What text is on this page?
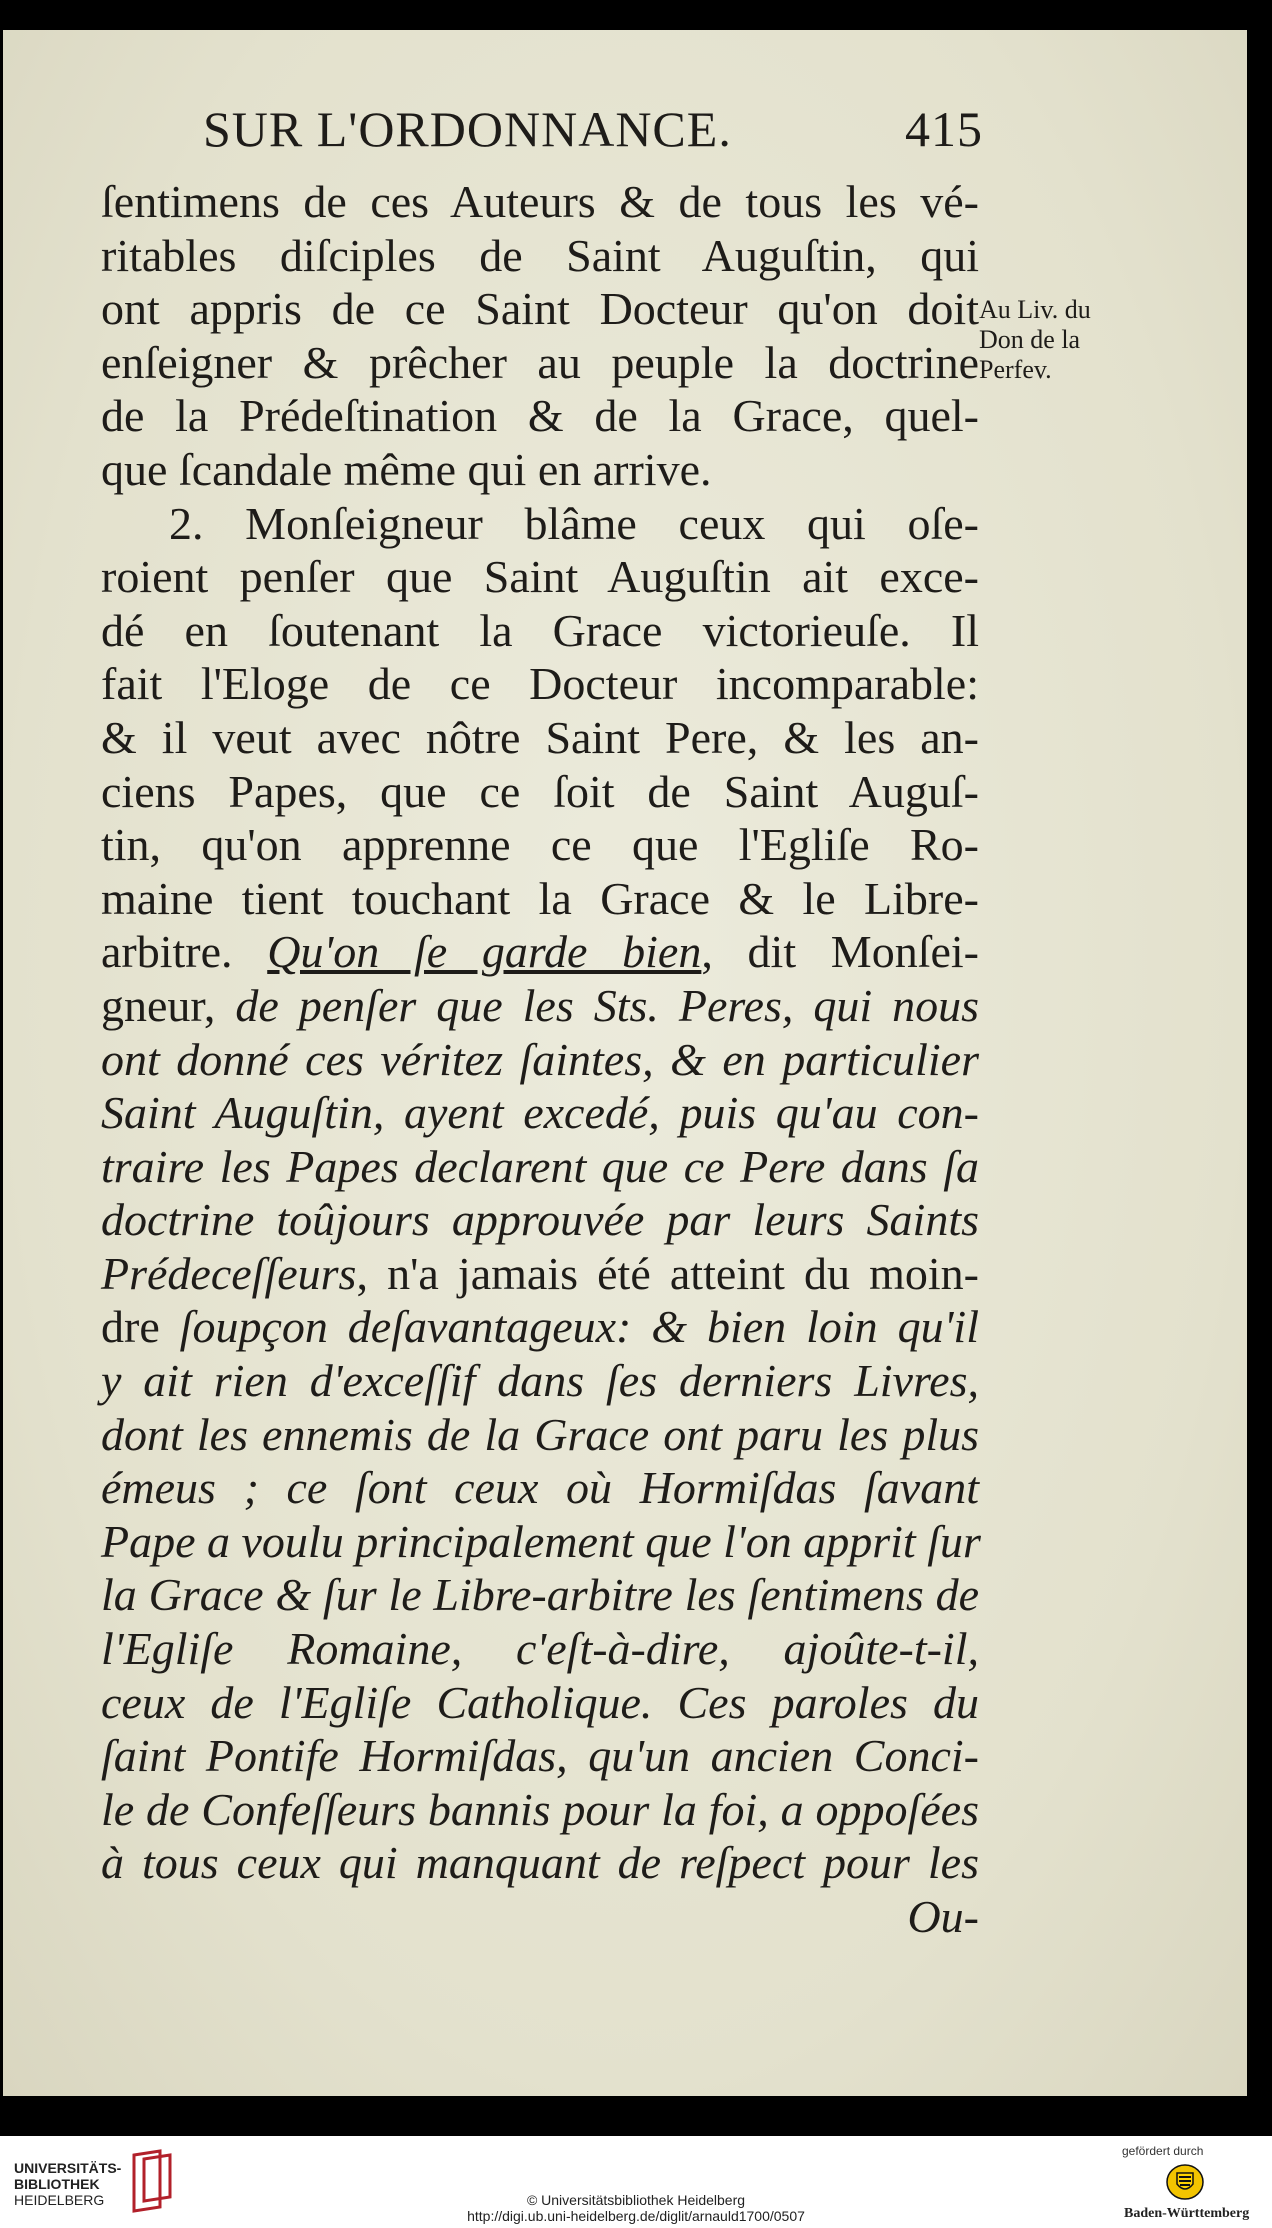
SUR L'ORDONNANCE.	415
Au Liv. du
Don de la
Perfev.
ſentimens de ces Auteurs & de tous les vé-
ritables diſciples de Saint Auguſtin, qui
ont appris de ce Saint Docteur qu'on doit
enſeigner & prêcher au peuple la doctrine
de la Prédeſtination & de la Grace, quel-
que ſcandale même qui en arrive.
2. Monſeigneur blâme ceux qui oſe-
roient penſer que Saint Auguſtin ait exce-
dé en ſoutenant la Grace victorieuſe. Il
fait l'Eloge de ce Docteur incomparable:
& il veut avec nôtre Saint Pere, & les an-
ciens Papes, que ce ſoit de Saint Auguſ-
tin, qu'on apprenne ce que l'Egliſe Ro-
maine tient touchant la Grace & le Libre-
arbitre. Qu'on ſe garde bien, dit Monſei-
gneur, de penſer que les Sts. Peres, qui nous
ont donné ces véritez ſaintes, & en particulier
Saint Auguſtin, ayent excedé, puis qu'au con-
traire les Papes declarent que ce Pere dans ſa
doctrine toûjours approuvée par leurs Saints
Prédeceſſeurs, n'a jamais été atteint du moin-
dre ſoupçon deſavantageux: & bien loin qu'il
y ait rien d'exceſſif dans ſes derniers Livres,
dont les ennemis de la Grace ont paru les plus
émeus ; ce ſont ceux où Hormiſdas ſavant
Pape a voulu principalement que l'on apprit ſur
la Grace & ſur le Libre-arbitre les ſentimens de
l'Egliſe Romaine, c'eſt-à-dire, ajoûte-t-il,
ceux de l'Egliſe Catholique. Ces paroles du
ſaint Pontife Hormiſdas, qu'un ancien Conci-
le de Confeſſeurs bannis pour la foi, a oppoſées
à tous ceux qui manquant de reſpect pour les
Ou-
UNIVERSITÄTS-
BIBLIOTHEK
HEIDELBERG	© Universitätsbibliothek Heidelberg
http://digi.ub.uni-heidelberg.de/diglit/arnauld1700/0507
gefördert durch
Baden-Württemberg
